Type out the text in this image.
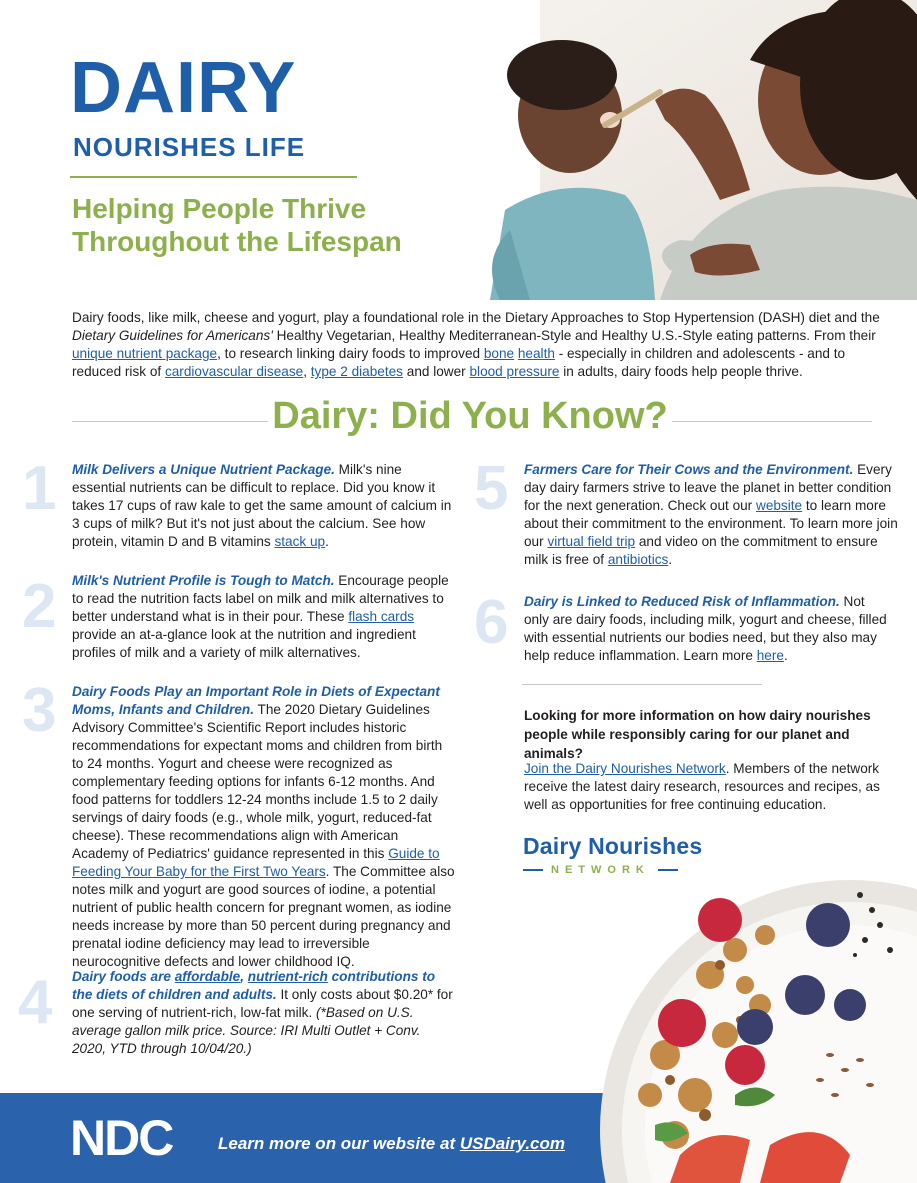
DAIRY
NOURISHES LIFE
Helping People Thrive
Throughout the Lifespan
Dairy foods, like milk, cheese and yogurt, play a foundational role in the Dietary Approaches to Stop Hypertension (DASH) diet and the Dietary Guidelines for Americans' Healthy Vegetarian, Healthy Mediterranean-Style and Healthy U.S.-Style eating patterns. From their unique nutrient package, to research linking dairy foods to improved bone health - especially in children and adolescents - and to reduced risk of cardiovascular disease, type 2 diabetes and lower blood pressure in adults, dairy foods help people thrive.
Dairy: Did You Know?
1 Milk Delivers a Unique Nutrient Package. Milk's nine essential nutrients can be difficult to replace. Did you know it takes 17 cups of raw kale to get the same amount of calcium in 3 cups of milk? But it's not just about the calcium. See how protein, vitamin D and B vitamins stack up.
2 Milk's Nutrient Profile is Tough to Match. Encourage people to read the nutrition facts label on milk and milk alternatives to better understand what is in their pour. These flash cards provide an at-a-glance look at the nutrition and ingredient profiles of milk and a variety of milk alternatives.
3 Dairy Foods Play an Important Role in Diets of Expectant Moms, Infants and Children. The 2020 Dietary Guidelines Advisory Committee's Scientific Report includes historic recommendations for expectant moms and children from birth to 24 months. Yogurt and cheese were recognized as complementary feeding options for infants 6-12 months. And food patterns for toddlers 12-24 months include 1.5 to 2 daily servings of dairy foods (e.g., whole milk, yogurt, reduced-fat cheese). These recommendations align with American Academy of Pediatrics' guidance represented in this Guide to Feeding Your Baby for the First Two Years. The Committee also notes milk and yogurt are good sources of iodine, a potential nutrient of public health concern for pregnant women, as iodine needs increase by more than 50 percent during pregnancy and prenatal iodine deficiency may lead to irreversible neurocognitive defects and lower childhood IQ.
4 Dairy foods are affordable, nutrient-rich contributions to the diets of children and adults. It only costs about $0.20* for one serving of nutrient-rich, low-fat milk. (*Based on U.S. average gallon milk price. Source: IRI Multi Outlet + Conv. 2020, YTD through 10/04/20.)
5 Farmers Care for Their Cows and the Environment. Every day dairy farmers strive to leave the planet in better condition for the next generation. Check out our website to learn more about their commitment to the environment. To learn more join our virtual field trip and video on the commitment to ensure milk is free of antibiotics.
6 Dairy is Linked to Reduced Risk of Inflammation. Not only are dairy foods, including milk, yogurt and cheese, filled with essential nutrients our bodies need, but they also may help reduce inflammation. Learn more here.
Looking for more information on how dairy nourishes people while responsibly caring for our planet and animals?
Join the Dairy Nourishes Network. Members of the network receive the latest dairy research, resources and recipes, as well as opportunities for free continuing education.
Dairy Nourishes
NETWORK
NDC	Learn more on our website at USDairy.com
